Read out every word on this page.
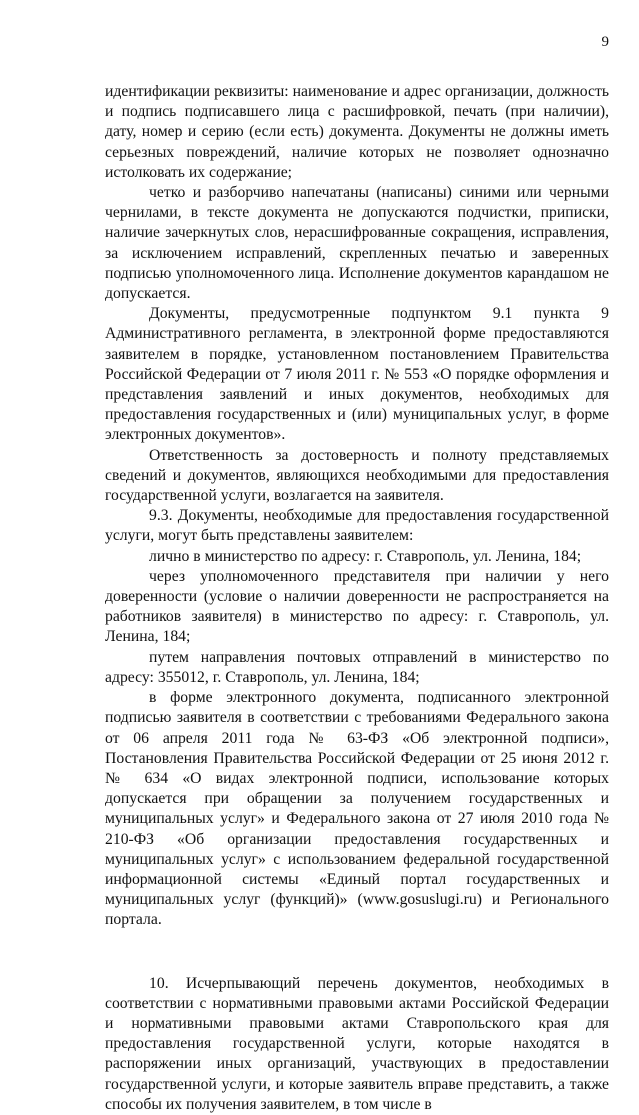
9

идентификации реквизиты: наименование и адрес организации, должность и подпись подписавшего лица с расшифровкой, печать (при наличии), дату, номер и серию (если есть) документа. Документы не должны иметь серьезных повреждений, наличие которых не позволяет однозначно истолковать их содержание;

четко и разборчиво напечатаны (написаны) синими или черными чернилами, в тексте документа не допускаются подчистки, приписки, наличие зачеркнутых слов, нерасшифрованные сокращения, исправления, за исключением исправлений, скрепленных печатью и заверенных подписью уполномоченного лица. Исполнение документов карандашом не допускается.

Документы, предусмотренные подпунктом 9.1 пункта 9 Административного регламента, в электронной форме предоставляются заявителем в порядке, установленном постановлением Правительства Российской Федерации от 7 июля 2011 г. № 553 «О порядке оформления и представления заявлений и иных документов, необходимых для предоставления государственных и (или) муниципальных услуг, в форме электронных документов».

Ответственность за достоверность и полноту представляемых сведений и документов, являющихся необходимыми для предоставления государственной услуги, возлагается на заявителя.

9.3. Документы, необходимые для предоставления государственной услуги, могут быть представлены заявителем:

лично в министерство по адресу: г. Ставрополь, ул. Ленина, 184;

через уполномоченного представителя при наличии у него доверенности (условие о наличии доверенности не распространяется на работников заявителя) в министерство по адресу: г. Ставрополь, ул. Ленина, 184;

путем направления почтовых отправлений в министерство по адресу: 355012, г. Ставрополь, ул. Ленина, 184;

в форме электронного документа, подписанного электронной подписью заявителя в соответствии с требованиями Федерального закона от 06 апреля 2011 года № 63-ФЗ «Об электронной подписи», Постановления Правительства Российской Федерации от 25 июня 2012 г. № 634 «О видах электронной подписи, использование которых допускается при обращении за получением государственных и муниципальных услуг» и Федерального закона от 27 июля 2010 года № 210-ФЗ «Об организации предоставления государственных и муниципальных услуг» с использованием федеральной государственной информационной системы «Единый портал государственных и муниципальных услуг (функций)» (www.gosuslugi.ru) и Регионального портала.

10. Исчерпывающий перечень документов, необходимых в соответствии с нормативными правовыми актами Российской Федерации и нормативными правовыми актами Ставропольского края для предоставления государственной услуги, которые находятся в распоряжении иных организаций, участвующих в предоставлении государственной услуги, и которые заявитель вправе представить, а также способы их получения заявителем, в том числе в
